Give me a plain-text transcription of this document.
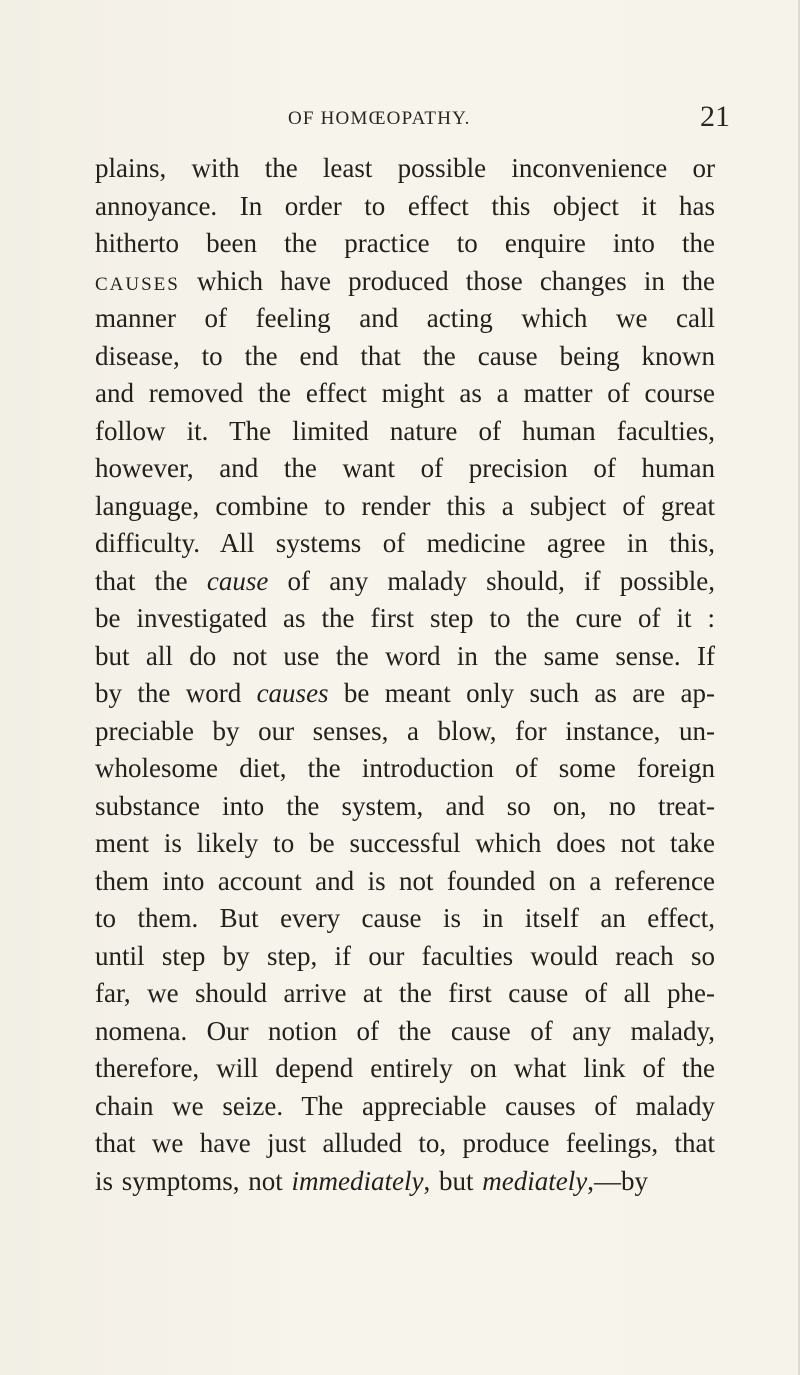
OF HOMŒOPATHY.	21
plains, with the least possible inconvenience or
annoyance. In order to effect this object it has
hitherto been the practice to enquire into the
CAUSES which have produced those changes in the
manner of feeling and acting which we call
disease, to the end that the cause being known
and removed the effect might as a matter of course
follow it. The limited nature of human faculties,
however, and the want of precision of human
language, combine to render this a subject of great
difficulty. All systems of medicine agree in this,
that the cause of any malady should, if possible,
be investigated as the first step to the cure of it :
but all do not use the word in the same sense. If
by the word causes be meant only such as are ap-
preciable by our senses, a blow, for instance, un-
wholesome diet, the introduction of some foreign
substance into the system, and so on, no treat-
ment is likely to be successful which does not take
them into account and is not founded on a reference
to them. But every cause is in itself an effect,
until step by step, if our faculties would reach so
far, we should arrive at the first cause of all phe-
nomena. Our notion of the cause of any malady,
therefore, will depend entirely on what link of the
chain we seize. The appreciable causes of malady
that we have just alluded to, produce feelings, that
is symptoms, not immediately, but mediately,—by
